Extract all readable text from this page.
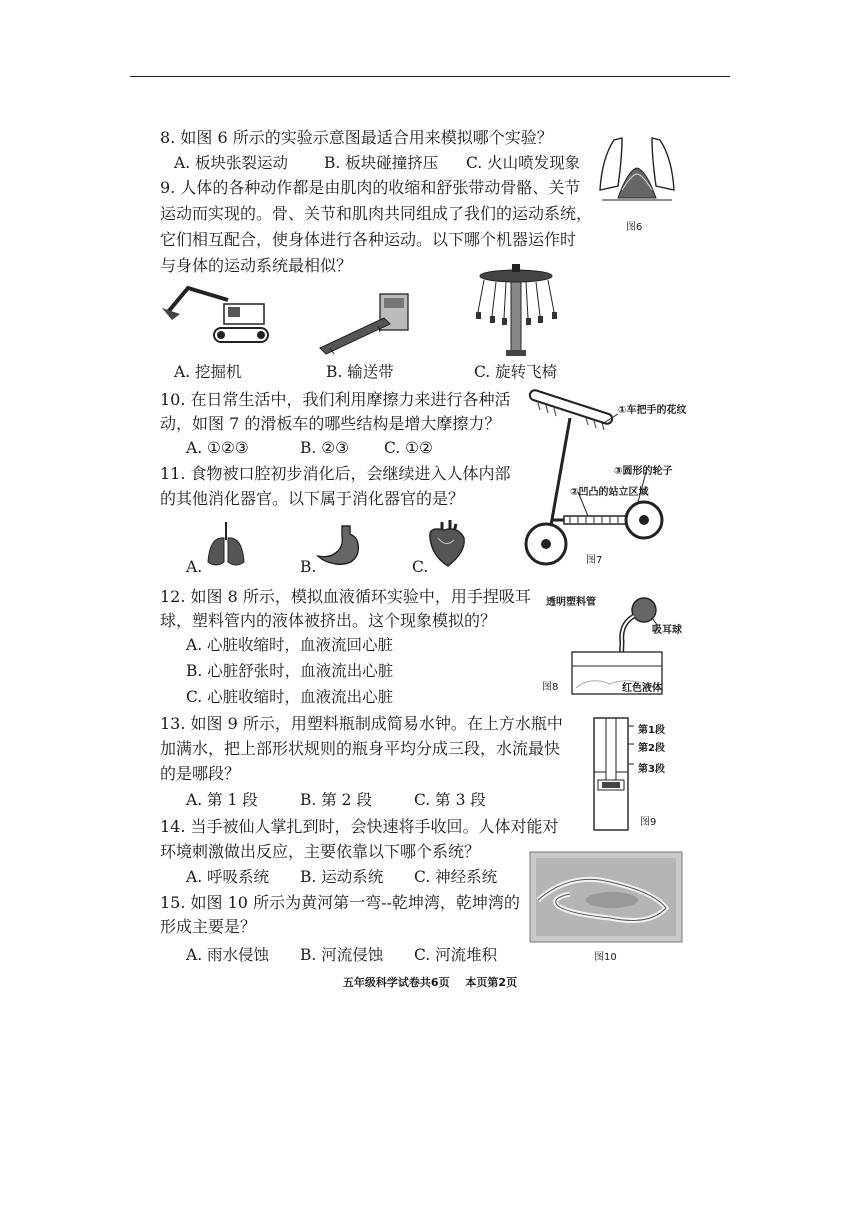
8. 如图 6 所示的实验示意图最适合用来模拟哪个实验？
A. 板块张裂运动 B. 板块碰撞挤压 C. 火山喷发现象
图6
9. 人体的各种动作都是由肌肉的收缩和舒张带动骨骼、关节
运动而实现的。骨、关节和肌肉共同组成了我们的运动系统，
它们相互配合，使身体进行各种运动。以下哪个机器运作时
与身体的运动系统最相似？
A. 挖掘机	B. 输送带	C. 旋转飞椅
10. 在日常生活中，我们利用摩擦力来进行各种活
动，如图 7 的滑板车的哪些结构是增大摩擦力？
A. ①②③	B. ②③ C. ①②
①车把手的花纹
③圆形的轮子
②凹凸的站立区域
图7
11. 食物被口腔初步消化后，会继续进入人体内部
的其他消化器官。以下属于消化器官的是？
A.	B.	C.
12. 如图 8 所示，模拟血液循环实验中，用手捏吸耳
球，塑料管内的液体被挤出。这个现象模拟的？
A. 心脏收缩时，血液流回心脏
B. 心脏舒张时，血液流出心脏
C. 心脏收缩时，血液流出心脏
透明塑料管
吸耳球
红色液体
图8
13. 如图 9 所示，用塑料瓶制成简易水钟。在上方水瓶中
加满水，把上部形状规则的瓶身平均分成三段，水流最快
的是哪段？
A. 第 1 段	B. 第 2 段	C. 第 3 段
第1段
第2段
第3段
图9
14. 当手被仙人掌扎到时，会快速将手收回。人体对能对
环境刺激做出反应，主要依靠以下哪个系统？
A. 呼吸系统 B. 运动系统 C. 神经系统
15. 如图 10 所示为黄河第一弯--乾坤湾，乾坤湾的
形成主要是？
A. 雨水侵蚀 B. 河流侵蚀 C. 河流堆积	图10
五年级科学试卷共6页 本页第2页
